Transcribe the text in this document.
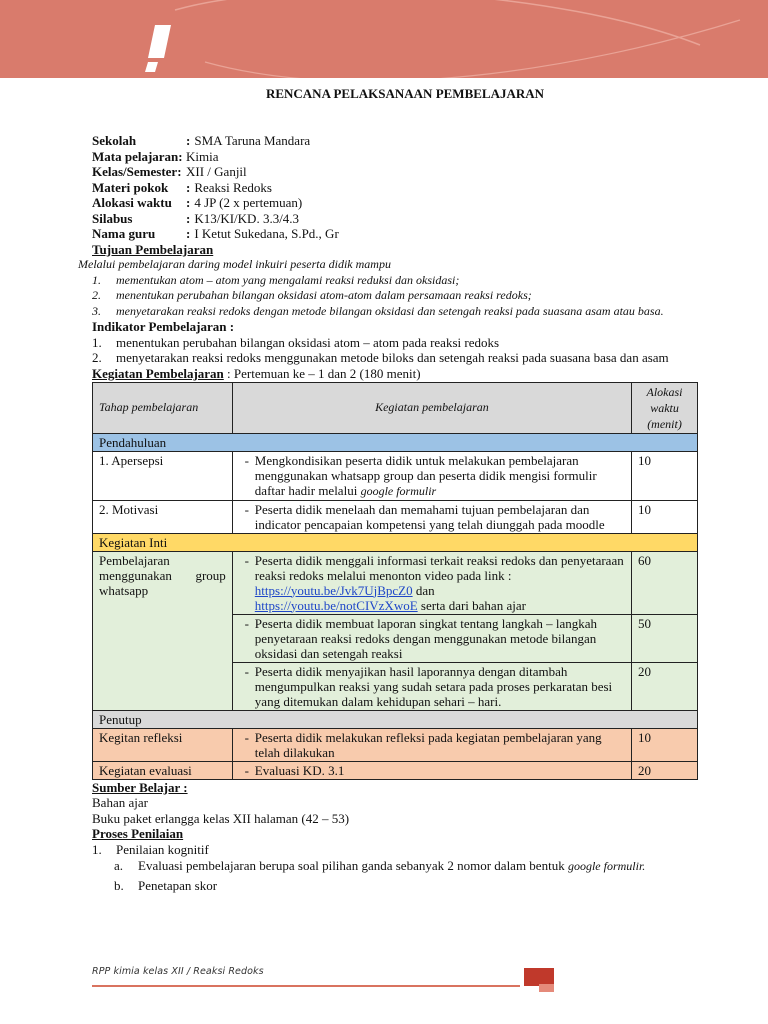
RENCANA PELAKSANAAN PEMBELAJARAN
Sekolah	: SMA Taruna Mandara
Mata pelajaran: Kimia
Kelas/Semester: XII / Ganjil
Materi pokok	: Reaksi Redoks
Alokasi waktu	: 4 JP (2 x pertemuan)
Silabus	: K13/KI/KD. 3.3/4.3
Nama guru	: I Ketut Sukedana, S.Pd., Gr
Tujuan Pembelajaran
Melalui pembelajaran daring model inkuiri peserta didik mampu
1.	mementukan atom – atom yang mengalami reaksi reduksi dan oksidasi;
2.	menentukan perubahan bilangan oksidasi atom-atom dalam persamaan reaksi redoks;
3.	menyetarakan reaksi redoks dengan metode bilangan oksidasi dan setengah reaksi pada suasana asam atau basa.
Indikator Pembelajaran :
1.	menentukan perubahan bilangan oksidasi atom – atom pada reaksi redoks
2.	menyetarakan reaksi redoks menggunakan metode biloks dan setengah reaksi pada suasana basa dan asam
Kegiatan Pembelajaran : Pertemuan ke – 1 dan 2 (180 menit)
Tahap pembelajaran	Kegiatan pembelajaran	Alokasi
waktu
(menit)

Pendahuluan		
1. Apersepsi	- Mengkondisikan peserta didik untuk melakukan pembelajaran menggunakan whatsapp group dan peserta didik mengisi formulir daftar hadir melalui google formulir	10
2. Motivasi	- Peserta didik menelaah dan memahami tujuan pembelajaran dan indicator pencapaian kompetensi yang telah diunggah pada moodle	10
Kegiatan Inti		
Pembelajaran menggunakan group whatsapp	- Peserta didik menggali informasi terkait reaksi redoks dan penyetaraan reaksi redoks melalui menonton video pada link : https://youtu.be/Jvk7UjBpcZ0 dan
https://youtu.be/notCIVzXwoE serta dari bahan ajar	60

	- Peserta didik membuat laporan singkat tentang langkah – langkah penyetaraan reaksi redoks dengan menggunakan metode bilangan oksidasi dan setengah reaksi	50

	- Peserta didik menyajikan hasil laporannya dengan ditambah mengumpulkan reaksi yang sudah setara pada proses perkaratan besi yang ditemukan dalam kehidupan sehari – hari.	20
Penutup		
Kegitan refleksi	- Peserta didik melakukan refleksi pada kegiatan pembelajaran yang telah dilakukan	10
Kegiatan evaluasi	- Evaluasi KD. 3.1	20
Sumber Belajar :
Bahan ajar
Buku paket erlangga kelas XII halaman (42 – 53)
Proses Penilaian
1.	Penilaian kognitif
a.	Evaluasi pembelajaran berupa soal pilihan ganda sebanyak 2 nomor dalam bentuk google formulir.
b.	Penetapan skor
RPP kimia kelas XII / Reaksi Redoks
